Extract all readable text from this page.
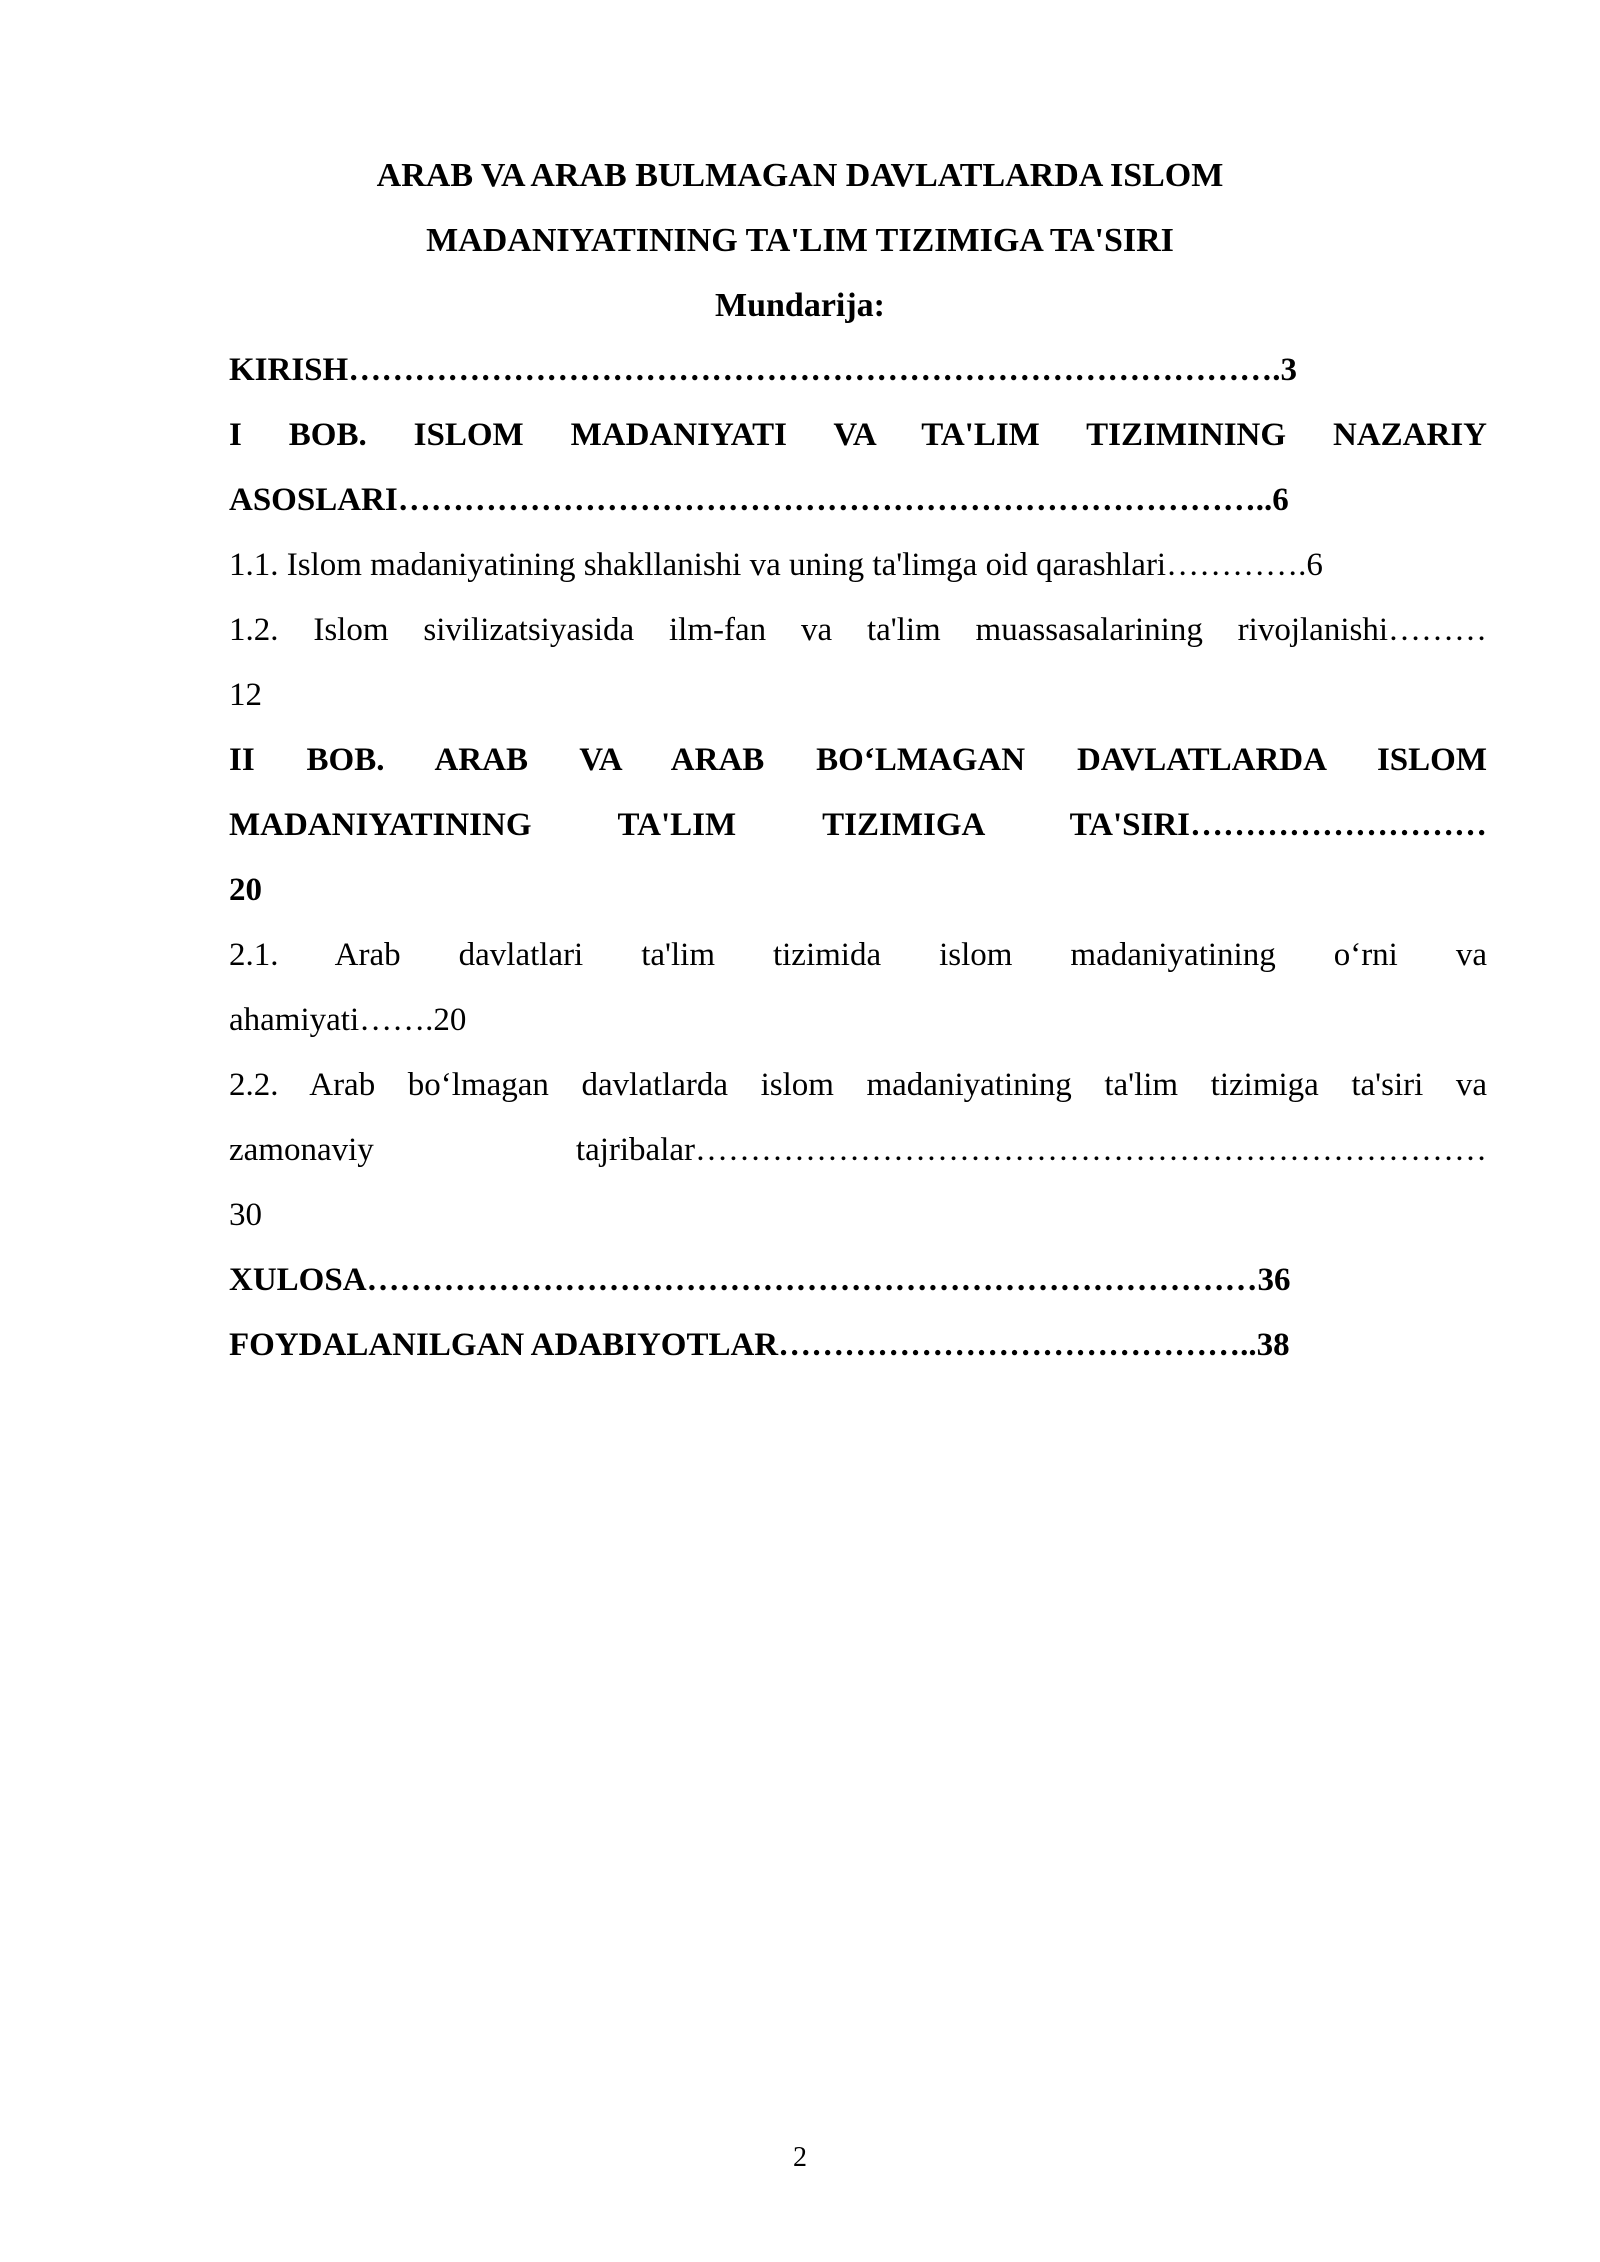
ARAB VA ARAB BULMAGAN DAVLATLARDA ISLOM
MADANIYATINING TA'LIM TIZIMIGA TA'SIRI
Mundarija:
KIRISH………………………………………………………………………….3
I BOB. ISLOM MADANIYATI VA TA'LIM TIZIMINING NAZARIY
ASOSLARI……………………………………………………………………..6
1.1. Islom madaniyatining shakllanishi va uning ta'limga oid qarashlari………….6
1.2. Islom sivilizatsiyasida ilm-fan va ta'lim muassasalarining rivojlanishi………
12
II BOB. ARAB VA ARAB BO‘LMAGAN DAVLATLARDA ISLOM
MADANIYATINING TA'LIM TIZIMIGA TA'SIRI………………………
20
2.1. Arab davlatlari ta'lim tizimida islom madaniyatining o‘rni va
ahamiyati…….20
2.2. Arab bo‘lmagan davlatlarda islom madaniyatining ta'lim tizimiga ta'siri va
zamonaviy tajribalar………………………………………………………………
30
XULOSA………………………………………………………………………36
FOYDALANILGAN ADABIYOTLAR……………………………………..38
2
